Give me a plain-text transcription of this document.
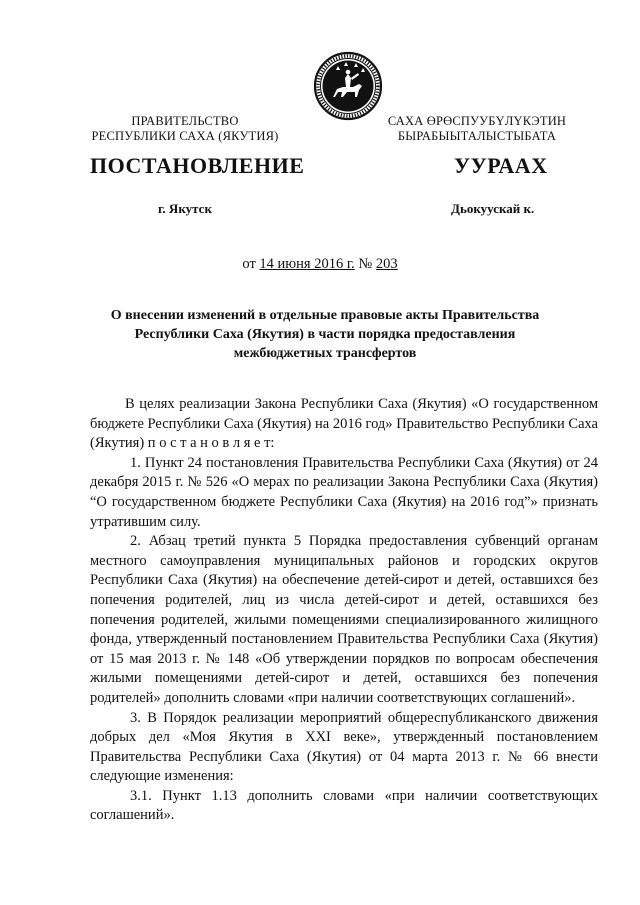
ПРАВИТЕЛЬСТВО
РЕСПУБЛИКИ САХА (ЯКУТИЯ)
САХА ӨРӨСПУУБҮЛҮКЭТИН
БЫРАБЫЫТАЛЫСТЫБАТА
ПОСТАНОВЛЕНИЕ	УУРААХ
г. Якутск	Дьокуускай к.
от 14 июня 2016 г. № 203
О внесении изменений в отдельные правовые акты Правительства Республики Саха (Якутия) в части порядка предоставления межбюджетных трансфертов

В целях реализации Закона Республики Саха (Якутия) «О государственном бюджете Республики Саха (Якутия) на 2016 год» Правительство Республики Саха (Якутия) п о с т а н о в л я е т:

1. Пункт 24 постановления Правительства Республики Саха (Якутия) от 24 декабря 2015 г. № 526 «О мерах по реализации Закона Республики Саха (Якутия) “О государственном бюджете Республики Саха (Якутия) на 2016 год”» признать утратившим силу.

2. Абзац третий пункта 5 Порядка предоставления субвенций органам местного самоуправления муниципальных районов и городских округов Республики Саха (Якутия) на обеспечение детей-сирот и детей, оставшихся без попечения родителей, лиц из числа детей-сирот и детей, оставшихся без попечения родителей, жилыми помещениями специализированного жилищного фонда, утвержденный постановлением Правительства Республики Саха (Якутия) от 15 мая 2013 г. № 148 «Об утверждении порядков по вопросам обеспечения жилыми помещениями детей-сирот и детей, оставшихся без попечения родителей» дополнить словами «при наличии соответствующих соглашений».

3. В Порядок реализации мероприятий общереспубликанского движения добрых дел «Моя Якутия в XXI веке», утвержденный постановлением Правительства Республики Саха (Якутия) от 04 марта 2013 г. № 66 внести следующие изменения:

3.1. Пункт 1.13 дополнить словами «при наличии соответствующих соглашений».
